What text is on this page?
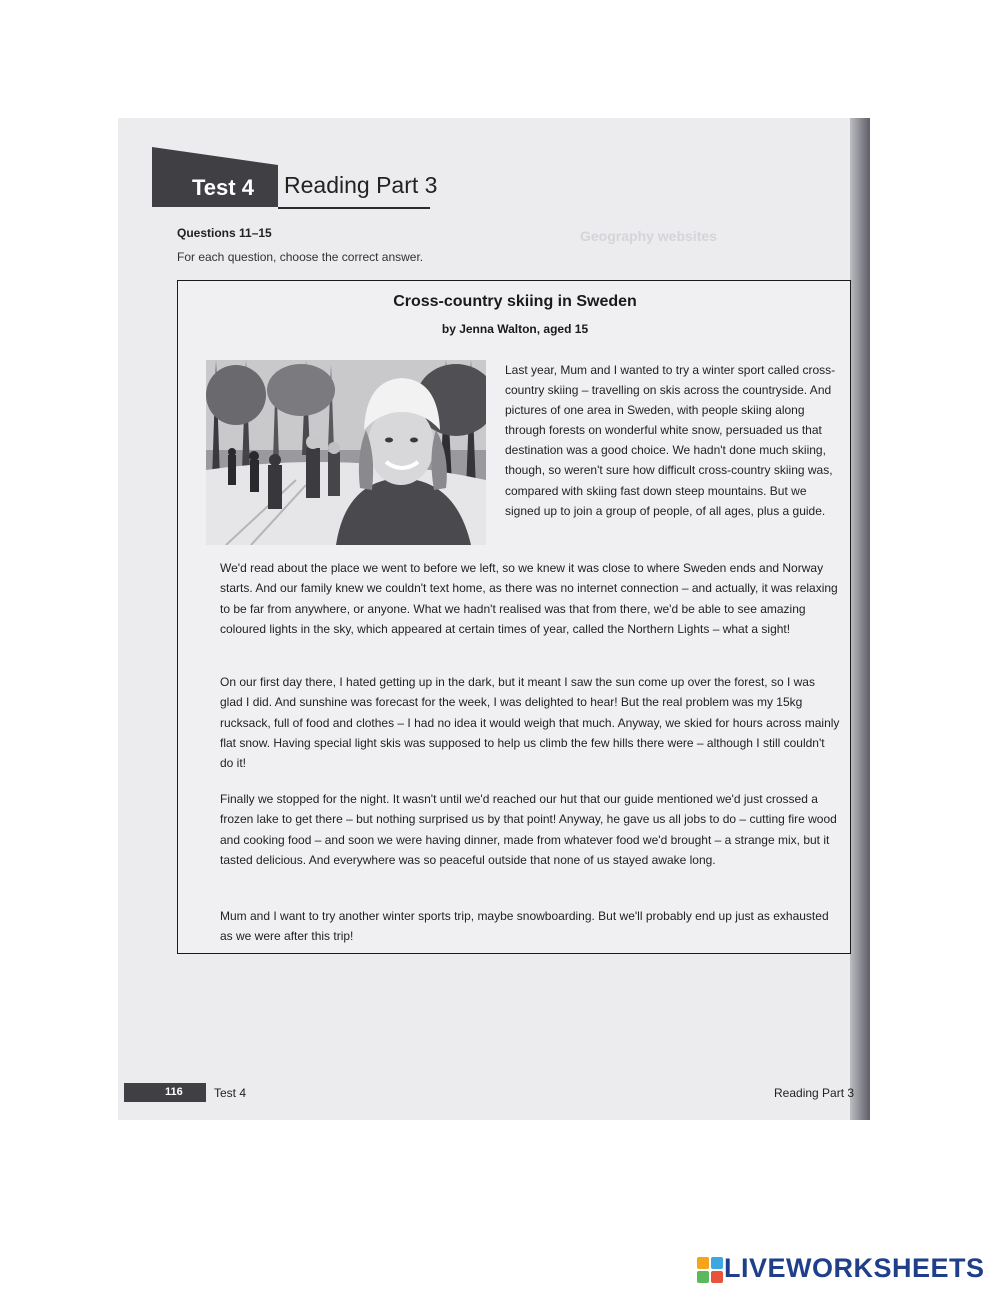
Geography websites
Test 4 Reading Part 3
Questions 11–15
For each question, choose the correct answer.
Cross-country skiing in Sweden
by Jenna Walton, aged 15
Last year, Mum and I wanted to try a winter sport called cross-country skiing – travelling on skis across the countryside. And pictures of one area in Sweden, with people skiing along through forests on wonderful white snow, persuaded us that destination was a good choice. We hadn't done much skiing, though, so weren't sure how difficult cross-country skiing was, compared with skiing fast down steep mountains. But we signed up to join a group of people, of all ages, plus a guide.
We'd read about the place we went to before we left, so we knew it was close to where Sweden ends and Norway starts. And our family knew we couldn't text home, as there was no internet connection – and actually, it was relaxing to be far from anywhere, or anyone. What we hadn't realised was that from there, we'd be able to see amazing coloured lights in the sky, which appeared at certain times of year, called the Northern Lights – what a sight!
On our first day there, I hated getting up in the dark, but it meant I saw the sun come up over the forest, so I was glad I did. And sunshine was forecast for the week, I was delighted to hear! But the real problem was my 15kg rucksack, full of food and clothes – I had no idea it would weigh that much. Anyway, we skied for hours across mainly flat snow. Having special light skis was supposed to help us climb the few hills there were – although I still couldn't do it!
Finally we stopped for the night. It wasn't until we'd reached our hut that our guide mentioned we'd just crossed a frozen lake to get there – but nothing surprised us by that point! Anyway, he gave us all jobs to do – cutting fire wood and cooking food – and soon we were having dinner, made from whatever food we'd brought – a strange mix, but it tasted delicious. And everywhere was so peaceful outside that none of us stayed awake long.
Mum and I want to try another winter sports trip, maybe snowboarding. But we'll probably end up just as exhausted as we were after this trip!
116	Test 4	Reading Part 3
LIVEWORKSHEETS
